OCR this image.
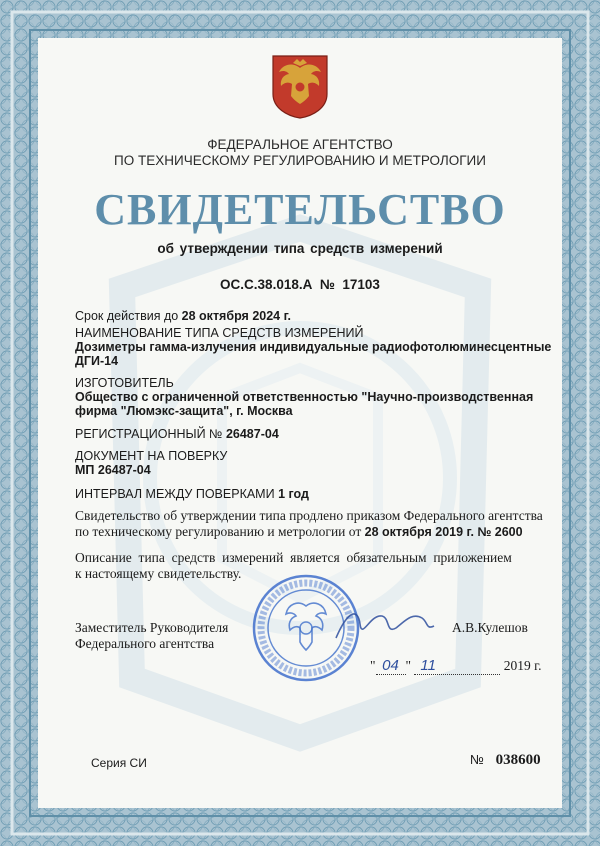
ФЕДЕРАЛЬНОЕ АГЕНТСТВО
ПО ТЕХНИЧЕСКОМУ РЕГУЛИРОВАНИЮ И МЕТРОЛОГИИ
СВИДЕТЕЛЬСТВО
об утверждении типа средств измерений
ОС.С.38.018.А  №  17103
Срок действия до 28 октября 2024 г.
НАИМЕНОВАНИЕ ТИПА СРЕДСТВ ИЗМЕРЕНИЙ
Дозиметры гамма-излучения индивидуальные радиофотолюминесцентные
ДГИ-14
ИЗГОТОВИТЕЛЬ
Общество с ограниченной ответственностью "Научно-производственная
фирма "Люмэкс-защита", г. Москва
РЕГИСТРАЦИОННЫЙ № 26487-04
ДОКУМЕНТ НА ПОВЕРКУ
МП 26487-04
ИНТЕРВАЛ МЕЖДУ ПОВЕРКАМИ 1 год
Свидетельство об утверждении типа продлено приказом Федерального агентства
по техническому регулированию и метрологии от 28 октября 2019 г. № 2600
Описание  типа  средств  измерений  является  обязательным  приложением
к настоящему свидетельству.
Заместитель Руководителя
Федерального агентства
А.В.Кулешов
" 04 " 11	2019 г.
Серия СИ	№ 038600
